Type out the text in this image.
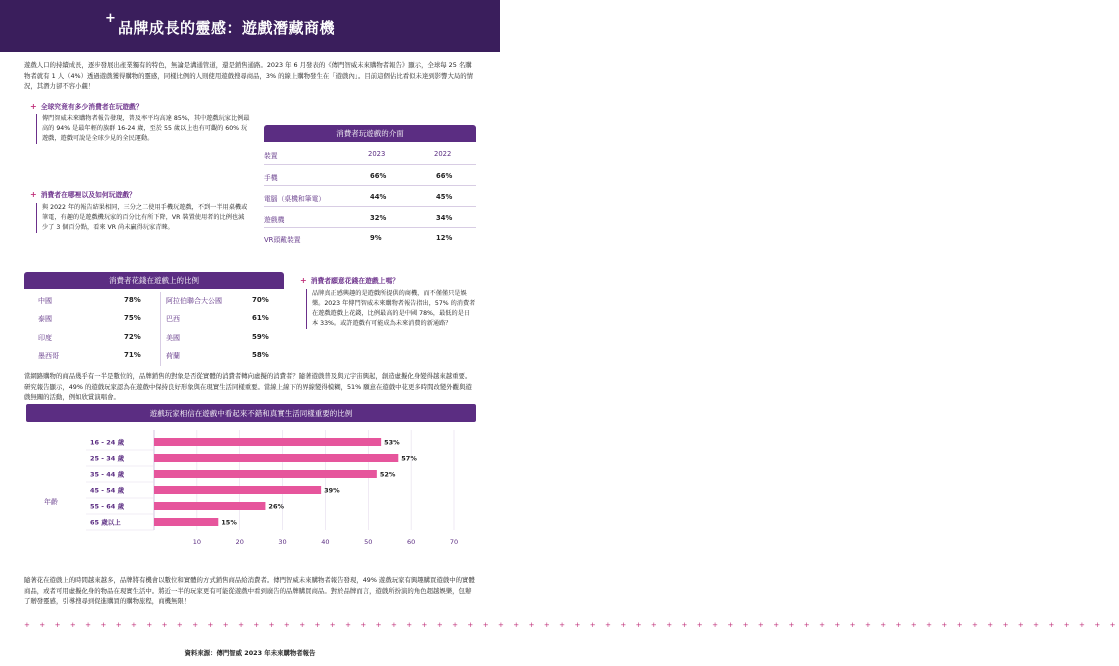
+
品牌成長的靈感：遊戲潛藏商機
遊戲人口的持續成長，逐步發展出產業獨有的特色，無論是溝通管道，還是銷售通路。2023 年 6 月發表的《傳門智威未來購物者報告》顯示，全球每 25 名購物者就有 1 人（4%）透過遊戲獲得購物的靈感，同樣比例的人則使用遊戲搜尋商品，3% 的線上購物發生在「遊戲內」。目前這個佔比看似未達到影響大局的情況，其潛力卻不容小覷！
+ 全球究竟有多少消費者在玩遊戲？
傳門智威未來購物者報告發現，普及率平均高達 85%，其中遊戲玩家比例最高的 94% 是最年輕的族群 16-24 歲，至於 55 歲以上也有可觀的 60% 玩遊戲，遊戲可說是全球少見的全民運動。
+ 消費者在哪裡以及如何玩遊戲？
與 2022 年的報告結果相同，三分之二使用手機玩遊戲，不到一半用桌機或筆電，有趣的是遊戲機玩家的百分比有所下降，VR 裝置使用者的比例也減少了 3 個百分點，看來 VR 尚未贏得玩家青睞。
消費者玩遊戲的介面
裝置	2023	2022
手機	66%	66%
電腦（桌機和筆電）	44%	45%
遊戲機	32%	34%
VR頭戴裝置	9%	12%
消費者花錢在遊戲上的比例
中國	78%
泰國	75%
印度	72%
墨西哥	71%
阿拉伯聯合大公國	70%
巴西	61%
美國	59%
荷蘭	58%
+ 消費者願意花錢在遊戲上嗎？
品牌真正感興趣的是遊戲所提供的商機，而不僅僅只是娛樂。2023 年傳門智威未來購物者報告指出，57% 的消費者在遊戲遊戲上花錢，比例最高的是中國 78%，最低的是日本 33%。或許遊戲有可能成為未來消費的新通路？
當網路購物的商品幾乎有一半是數位的，品牌銷售的對象是否從實體的消費者轉向虛擬的消費者？隨著遊戲普及與元宇宙興起，創造虛擬化身變得越來越重要。研究報告顯示，49% 的遊戲玩家認為在遊戲中保持良好形象與在現實生活同樣重要。當線上線下的界線變得模糊，51% 願意在遊戲中花更多時間改變外觀與遊戲無關的活動，例如欣賞演唱會。
遊戲玩家相信在遊戲中看起來不錯和真實生活同樣重要的比例
年齡
16 - 24 歲
25 - 34 歲
35 - 44 歲
45 - 54 歲
55 - 64 歲
65 歲以上
53%
57%
52%
39%
26%
15%
10	20	30	40	50	60	70
隨著花在遊戲上的時間越來越多，品牌將有機會以數位和實體的方式銷售商品給消費者。傳門智威未來購物者報告發現，49% 遊戲玩家有興趣購買遊戲中的實體商品，或者可用虛擬化身的物品在現實生活中。將近一半的玩家更有可能從遊戲中看到廣告的品牌購買商品。對於品牌而言，遊戲所扮演的角色超越娛樂，包辦了贈發靈感，引導搜尋到促進購買的購物旅程，商機無限！
+ + + + + + + + + + + + + + + + + + + + + + + + + + + + + + + + + + + + + + + + + + + + + + + + + + + + + + + + + + + + + + + + + + + + + + + +
資料來源：傳門智威 2023 年未來購物者報告
